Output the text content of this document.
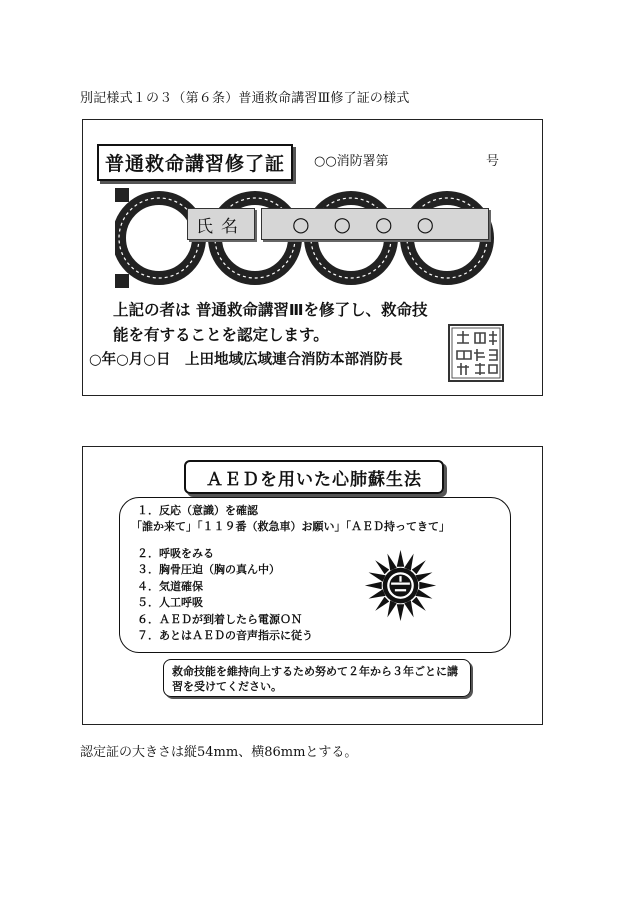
別記様式１の３（第６条）普通救命講習Ⅲ修了証の様式
普通救命講習修了証	○○消防署第	号
氏名	○○○○
上記の者は 普通救命講習Ⅲを修了し、救命技
能を有することを認定します。
○年○月○日　上田地域広域連合消防本部消防長
ＡＥＤを用いた心肺蘇生法
１．反応（意識）を確認
「誰か来て」「１１９番（救急車）お願い」「ＡＥＤ持ってきて」
２．呼吸をみる
３．胸骨圧迫（胸の真ん中）
４．気道確保
５．人工呼吸
６．ＡＥＤが到着したら電源ＯＮ
７．あとはＡＥＤの音声指示に従う
救命技能を維持向上するため努めて２年から３年ごとに講習を受けてください。
認定証の大きさは縦54mm、横86mmとする。
